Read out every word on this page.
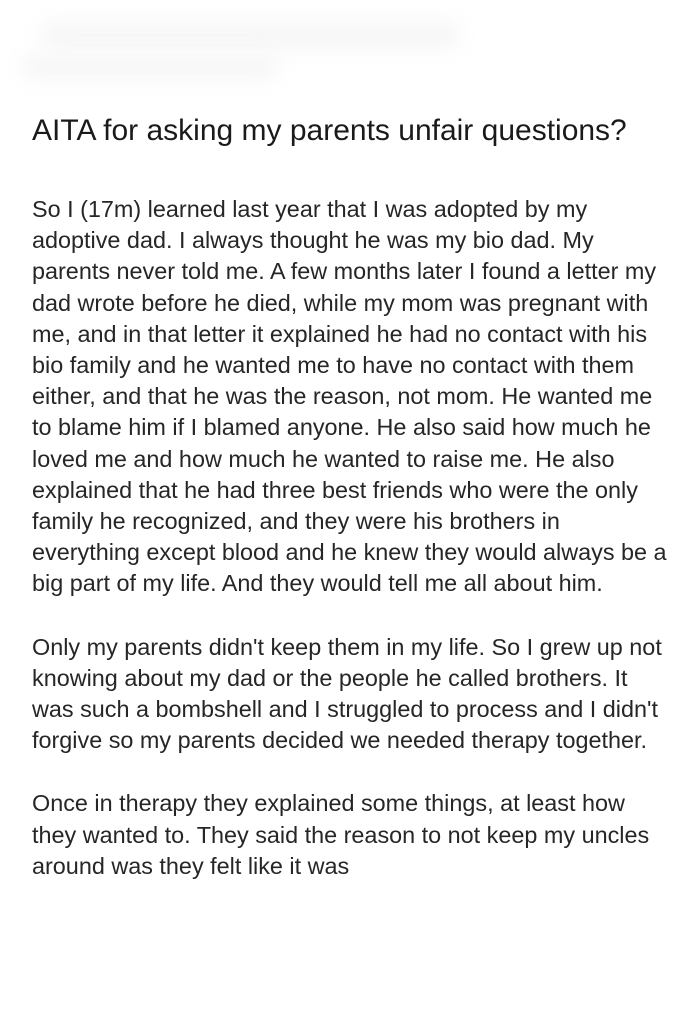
AITA for asking my parents unfair questions?

So I (17m) learned last year that I was adopted by my adoptive dad. I always thought he was my bio dad. My parents never told me. A few months later I found a letter my dad wrote before he died, while my mom was pregnant with me, and in that letter it explained he had no contact with his bio family and he wanted me to have no contact with them either, and that he was the reason, not mom. He wanted me to blame him if I blamed anyone. He also said how much he loved me and how much he wanted to raise me. He also explained that he had three best friends who were the only family he recognized, and they were his brothers in everything except blood and he knew they would always be a big part of my life. And they would tell me all about him.

Only my parents didn't keep them in my life. So I grew up not knowing about my dad or the people he called brothers. It was such a bombshell and I struggled to process and I didn't forgive so my parents decided we needed therapy together.

Once in therapy they explained some things, at least how they wanted to. They said the reason to not keep my uncles around was they felt like it was
